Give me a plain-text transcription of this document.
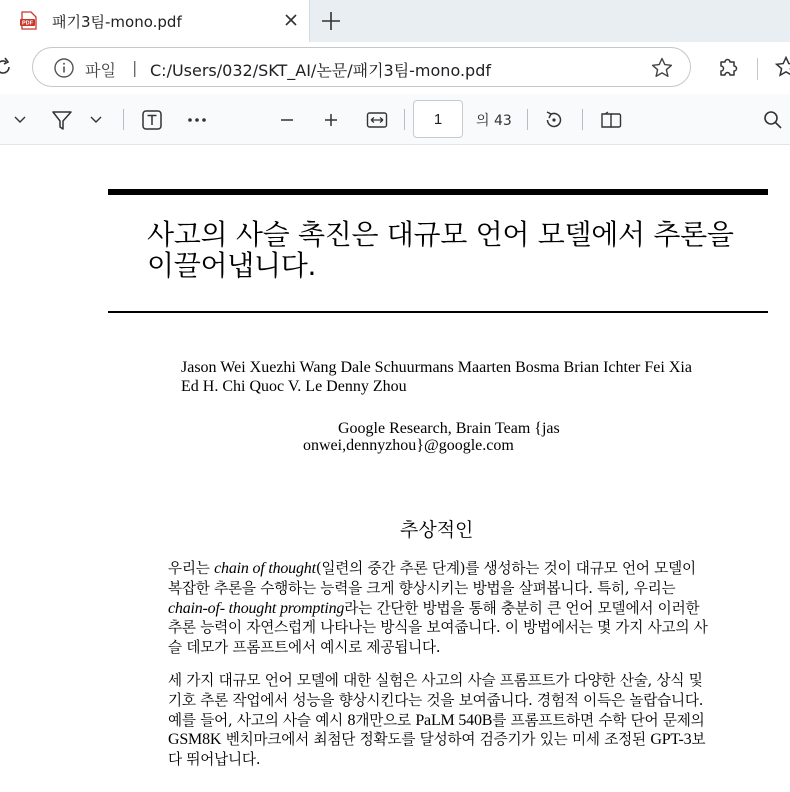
PDF 패기3팀-mono.pdf
파일 | C:/Users/032/SKT_AI/논문/패기3팀-mono.pdf
1
의 43
사고의 사슬 촉진은 대규모 언어 모델에서 추론을 이끌어냅니다.
Jason Wei Xuezhi Wang Dale Schuurmans Maarten Bosma Brian Ichter Fei Xia Ed H. Chi Quoc V. Le Denny Zhou
Google Research, Brain Team {jas
onwei,dennyzhou}@google.com
추상적인

우리는 chain of thought(일련의 중간 추론 단계)를 생성하는 것이 대규모 언어 모델이 복잡한 추론을 수행하는 능력을 크게 향상시키는 방법을 살펴봅니다. 특히, 우리는 chain-of- thought prompting라는 간단한 방법을 통해 충분히 큰 언어 모델에서 이러한 추론 능력이 자연스럽게 나타나는 방식을 보여줍니다. 이 방법에서는 몇 가지 사고의 사슬 데모가 프롬프트에서 예시로 제공됩니다.

세 가지 대규모 언어 모델에 대한 실험은 사고의 사슬 프롬프트가 다양한 산술, 상식 및 기호 추론 작업에서 성능을 향상시킨다는 것을 보여줍니다. 경험적 이득은 놀랍습니다. 예를 들어, 사고의 사슬 예시 8개만으로 PaLM 540B를 프롬프트하면 수학 단어 문제의 GSM8K 벤치마크에서 최첨단 정확도를 달성하여 검증기가 있는 미세 조정된 GPT-3보다 뛰어납니다.
